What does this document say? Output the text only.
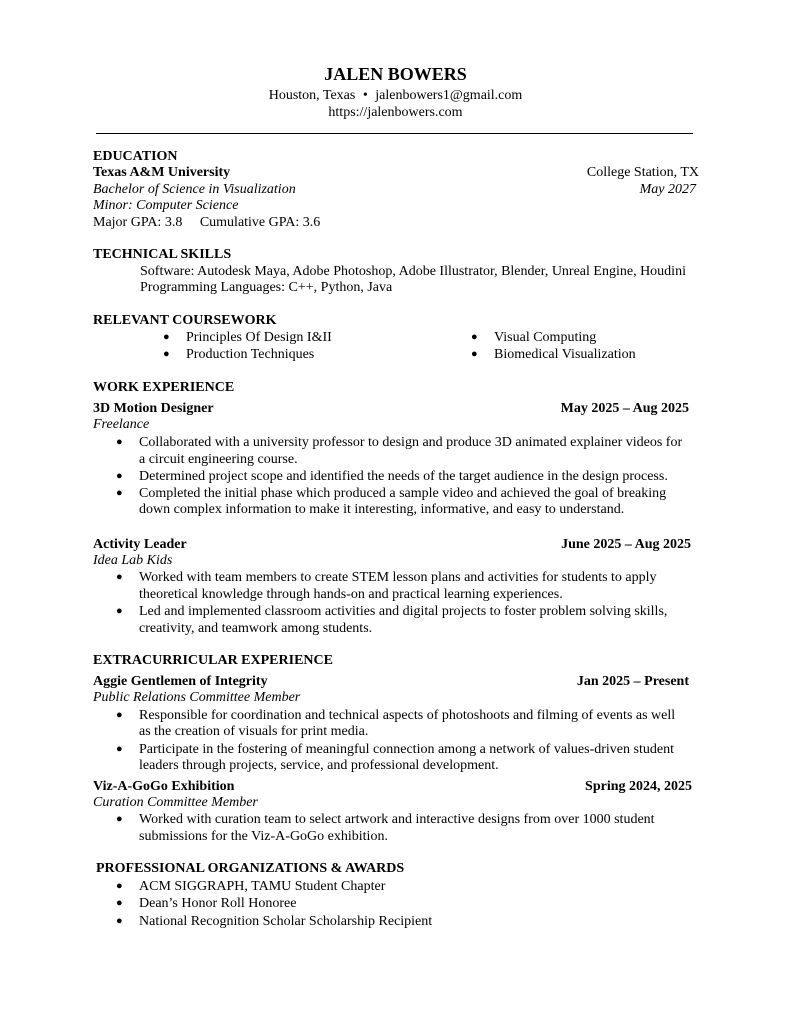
JALEN BOWERS
Houston, Texas • jalenbowers1@gmail.com
https://jalenbowers.com
EDUCATION
Texas A&M University	College Station, TX
Bachelor of Science in Visualization	May 2027
Minor: Computer Science
Major GPA: 3.8     Cumulative GPA: 3.6
TECHNICAL SKILLS
Software: Autodesk Maya, Adobe Photoshop, Adobe Illustrator, Blender, Unreal Engine, Houdini
Programming Languages: C++, Python, Java
RELEVANT COURSEWORK
● Principles Of Design I&II
● Production Techniques
● Visual Computing
● Biomedical Visualization
WORK EXPERIENCE
3D Motion Designer	May 2025 – Aug 2025
Freelance
● Collaborated with a university professor to design and produce 3D animated explainer videos for
a circuit engineering course.
● Determined project scope and identified the needs of the target audience in the design process.
● Completed the initial phase which produced a sample video and achieved the goal of breaking
down complex information to make it interesting, informative, and easy to understand.
Activity Leader	June 2025 – Aug 2025
Idea Lab Kids
● Worked with team members to create STEM lesson plans and activities for students to apply
theoretical knowledge through hands-on and practical learning experiences.
● Led and implemented classroom activities and digital projects to foster problem solving skills,
creativity, and teamwork among students.
EXTRACURRICULAR EXPERIENCE
Aggie Gentlemen of Integrity	Jan 2025 – Present
Public Relations Committee Member
● Responsible for coordination and technical aspects of photoshoots and filming of events as well
as the creation of visuals for print media.
● Participate in the fostering of meaningful connection among a network of values-driven student
leaders through projects, service, and professional development.
Viz-A-GoGo Exhibition	Spring 2024, 2025
Curation Committee Member
● Worked with curation team to select artwork and interactive designs from over 1000 student
submissions for the Viz-A-GoGo exhibition.
PROFESSIONAL ORGANIZATIONS & AWARDS
● ACM SIGGRAPH, TAMU Student Chapter
● Dean’s Honor Roll Honoree
● National Recognition Scholar Scholarship Recipient
